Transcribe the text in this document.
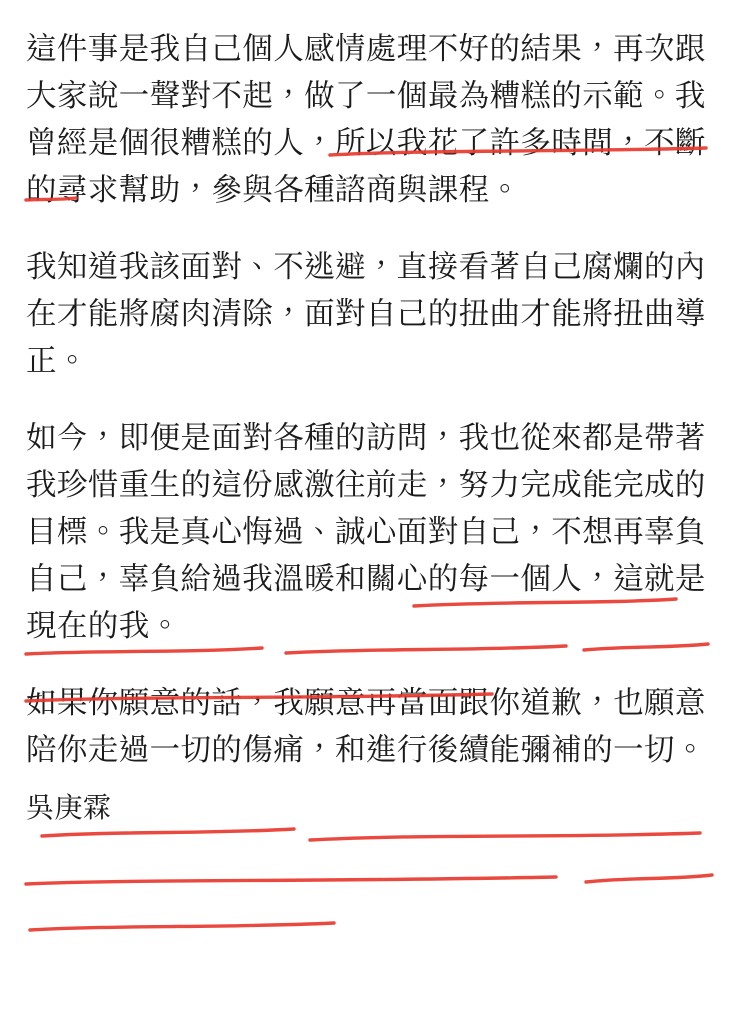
這件事是我自己個人感情處理不好的結果，再次跟大家說一聲對不起，做了一個最為糟糕的示範。我曾經是個很糟糕的人，所以我花了許多時間，不斷的尋求幫助，參與各種諮商與課程。

我知道我該面對、不逃避，直接看著自己腐爛的內在才能將腐肉清除，面對自己的扭曲才能將扭曲導正。

如今，即便是面對各種的訪問，我也從來都是帶著我珍惜重生的這份感激往前走，努力完成能完成的目標。我是真心悔過、誠心面對自己，不想再辜負自己，辜負給過我溫暖和關心的每一個人，這就是現在的我。

如果你願意的話，我願意再當面跟你道歉，也願意陪你走過一切的傷痛，和進行後續能彌補的一切。

吳庚霖
